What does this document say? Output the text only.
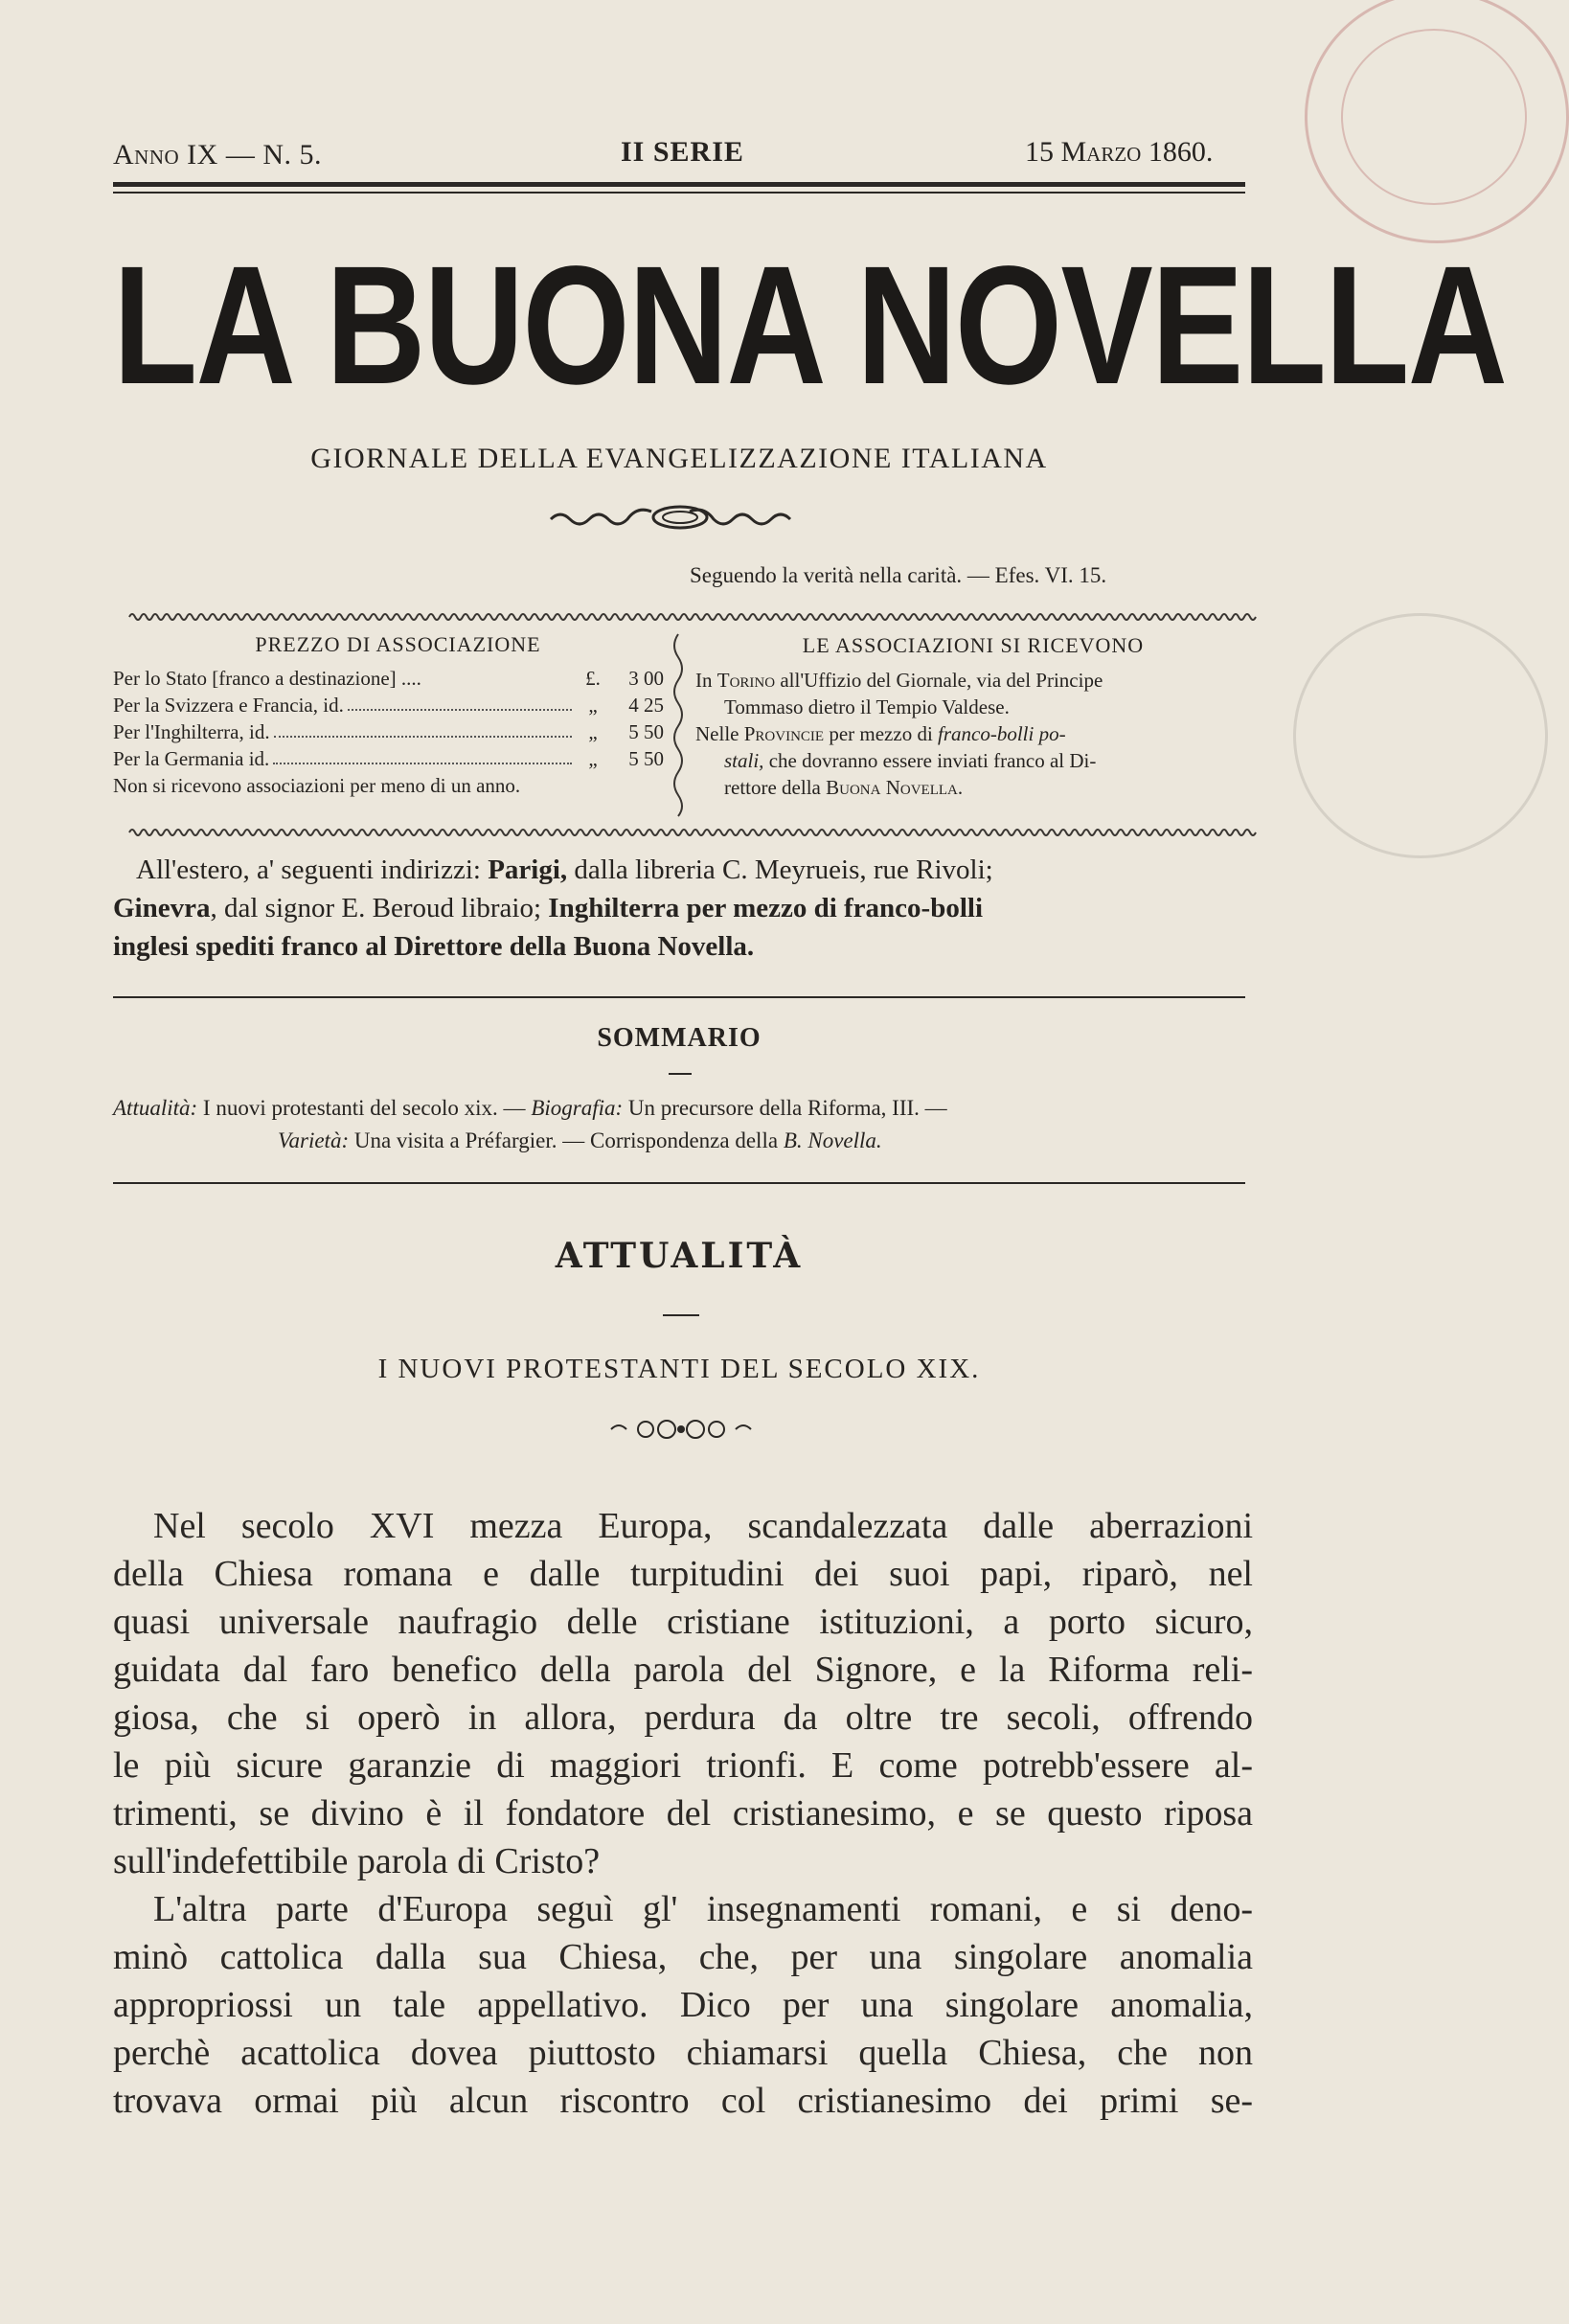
Anno IX — N. 5.	II SERIE	15 Marzo 1860.
LA BUONA NOVELLA
GIORNALE DELLA EVANGELIZZAZIONE ITALIANA
Seguendo la verità nella carità. — Efes. VI. 15.
PREZZO DI ASSOCIAZIONE
Per lo Stato [franco a destinazione] ....	£.	3 00
Per la Svizzera e Francia, id.	„	4 25
Per l'Inghilterra, id.	„	5 50
Per la Germania id.	„	5 50
Non si ricevono associazioni per meno di un anno.
LE ASSOCIAZIONI SI RICEVONO
In Torino all'Uffizio del Giornale, via del Principe
Tommaso dietro il Tempio Valdese.
Nelle Provincie per mezzo di franco-bolli po-
stali, che dovranno essere inviati franco al Di-
rettore della Buona Novella.
All'estero, a' seguenti indirizzi: Parigi, dalla libreria C. Meyrueis, rue Rivoli;
Ginevra, dal signor E. Beroud libraio; Inghilterra per mezzo di franco-bolli
inglesi spediti franco al Direttore della Buona Novella.
SOMMARIO
Attualità: I nuovi protestanti del secolo xix. — Biografia: Un precursore della Riforma, III. —
Varietà: Una visita a Préfargier. — Corrispondenza della B. Novella.
ATTUALITÀ
I NUOVI PROTESTANTI DEL SECOLO XIX.
Nel secolo XVI mezza Europa, scandalezzata dalle aberrazioni
della Chiesa romana e dalle turpitudini dei suoi papi, riparò, nel
quasi universale naufragio delle cristiane istituzioni, a porto sicuro,
guidata dal faro benefico della parola del Signore, e la Riforma reli-
giosa, che si operò in allora, perdura da oltre tre secoli, offrendo
le più sicure garanzie di maggiori trionfi. E come potrebb'essere al-
trimenti, se divino è il fondatore del cristianesimo, e se questo riposa
sull'indefettibile parola di Cristo?
L'altra parte d'Europa seguì gl' insegnamenti romani, e si deno-
minò cattolica dalla sua Chiesa, che, per una singolare anomalia
appropriossi un tale appellativo. Dico per una singolare anomalia,
perchè acattolica dovea piuttosto chiamarsi quella Chiesa, che non
trovava ormai più alcun riscontro col cristianesimo dei primi se-
